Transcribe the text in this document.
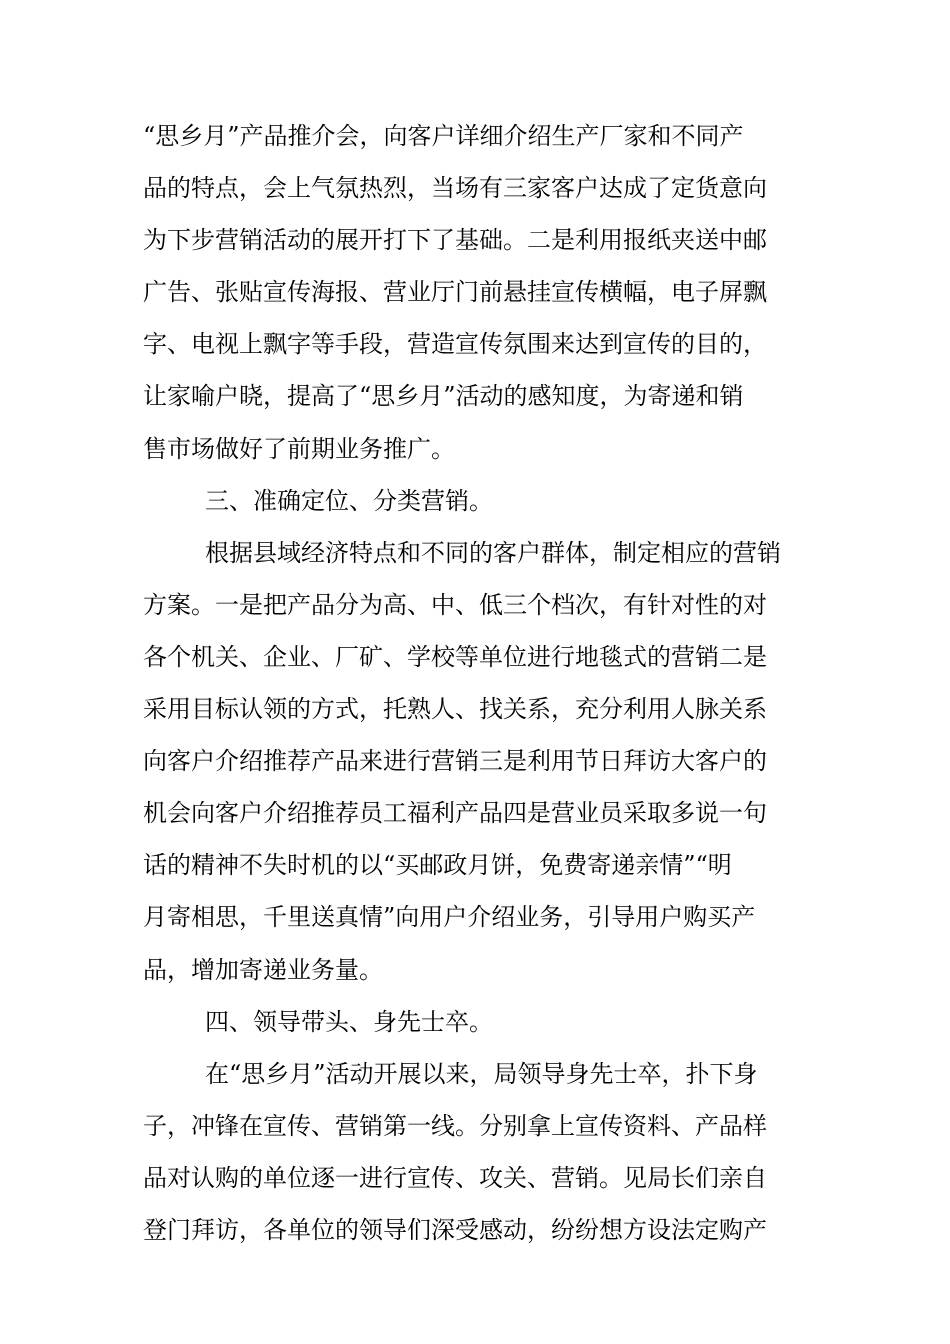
“思乡月”产品推介会，向客户详细介绍生产厂家和不同产
品的特点，会上气氛热烈，当场有三家客户达成了定货意向
为下步营销活动的展开打下了基础。二是利用报纸夹送中邮
广告、张贴宣传海报、营业厅门前悬挂宣传横幅，电子屏飘
字、电视上飘字等手段，营造宣传氛围来达到宣传的目的，
让家喻户晓，提高了“思乡月”活动的感知度，为寄递和销
售市场做好了前期业务推广。
三、准确定位、分类营销。
根据县域经济特点和不同的客户群体，制定相应的营销
方案。一是把产品分为高、中、低三个档次，有针对性的对
各个机关、企业、厂矿、学校等单位进行地毯式的营销二是
采用目标认领的方式，托熟人、找关系，充分利用人脉关系
向客户介绍推荐产品来进行营销三是利用节日拜访大客户的
机会向客户介绍推荐员工福利产品四是营业员采取多说一句
话的精神不失时机的以“买邮政月饼，免费寄递亲情”“明
月寄相思，千里送真情”向用户介绍业务，引导用户购买产
品，增加寄递业务量。
四、领导带头、身先士卒。
在“思乡月”活动开展以来，局领导身先士卒，扑下身
子，冲锋在宣传、营销第一线。分别拿上宣传资料、产品样
品对认购的单位逐一进行宣传、攻关、营销。见局长们亲自
登门拜访，各单位的领导们深受感动，纷纷想方设法定购产
